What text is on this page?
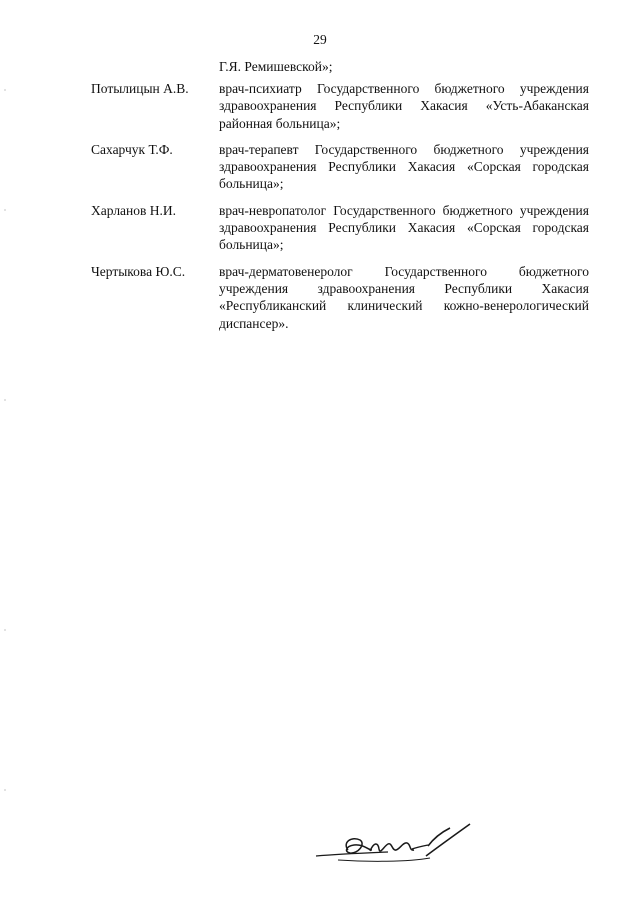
29
Г.Я. Ремишевской»;
Потылицын А.В.	врач-психиатр Государственного бюджетного учреждения здравоохранения Республики Хакасия «Усть-Абаканская районная больница»;
Сахарчук Т.Ф.	врач-терапевт Государственного бюджетного учреждения здравоохранения Республики Хакасия «Сорская городская больница»;
Харланов Н.И.	врач-невропатолог Государственного бюджетного учреждения здравоохранения Республики Хакасия «Сорская городская больница»;
Чертыкова Ю.С.	врач-дерматовенеролог Государственного бюджетного учреждения здравоохранения Республики Хакасия «Республиканский клинический кожно-венерологический диспансер».
